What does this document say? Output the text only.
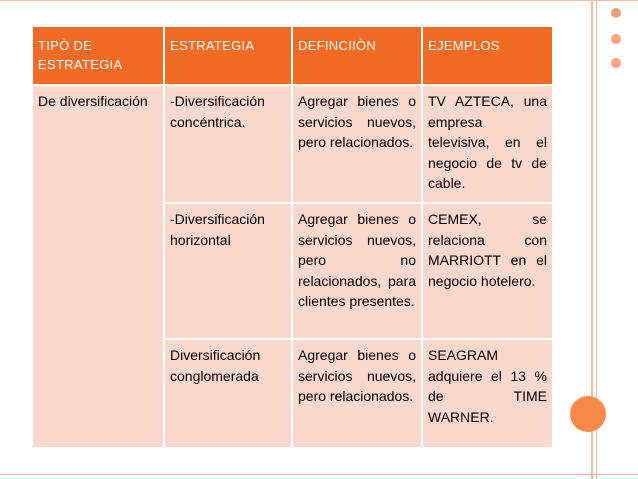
TIPÒ DE ESTRATEGIA	ESTRATEGIA	DEFINCIIÒN	EJEMPLOS
De diversificación	-Diversificación concéntrica.	Agregar bienes o servicios nuevos, pero relacionados.	TV AZTECA, una empresa televisiva, en el negocio de tv de cable.
	-Diversificación horizontal	Agregar bienes o servicios nuevos, pero no relacionados, para clientes presentes.	CEMEX, se relaciona con MARRIOTT en el negocio hotelero.
	Diversificación conglomerada	Agregar bienes o servicios nuevos, pero relacionados.	SEAGRAM adquiere el 13 % de TIME WARNER.
